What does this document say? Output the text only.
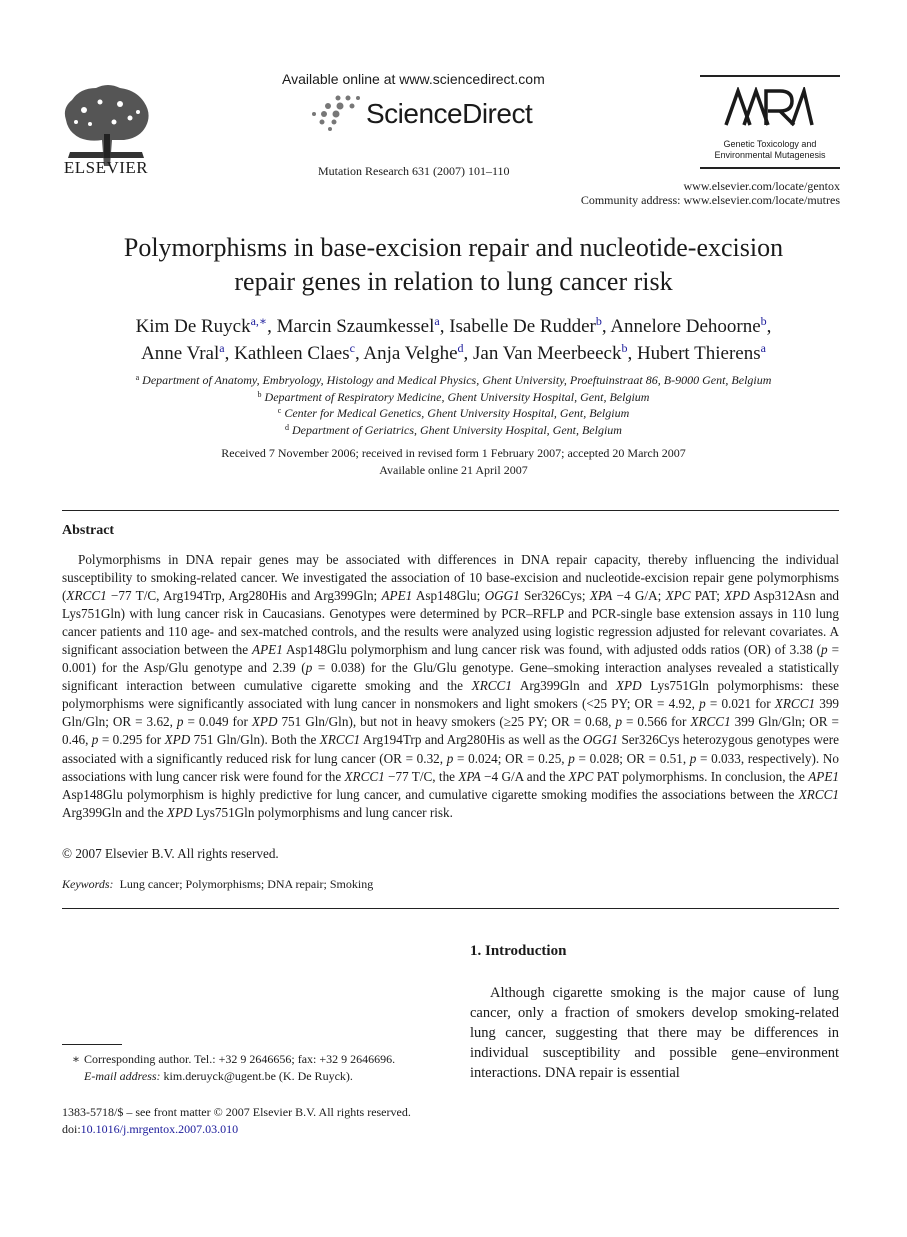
ELSEVIER
Available online at www.sciencedirect.com
ScienceDirect
Mutation Research 631 (2007) 101–110
Genetic Toxicology and
Environmental Mutagenesis
www.elsevier.com/locate/gentox
Community address: www.elsevier.com/locate/mutres
Polymorphisms in base-excision repair and nucleotide-excision
repair genes in relation to lung cancer risk
Kim De Ruyck$^{a,∗}$, Marcin Szaumkessel$^a$, Isabelle De Rudder$^b$, Annelore Dehoorne$^b$,
Anne Vral$^a$, Kathleen Claes$^c$, Anja Velghe$^d$, Jan Van Meerbeeck$^b$, Hubert Thierens$^a$
$^a$ Department of Anatomy, Embryology, Histology and Medical Physics, Ghent University, Proeftuinstraat 86, B-9000 Gent, Belgium
$^b$ Department of Respiratory Medicine, Ghent University Hospital, Gent, Belgium
$^c$ Center for Medical Genetics, Ghent University Hospital, Gent, Belgium
$^d$ Department of Geriatrics, Ghent University Hospital, Gent, Belgium
Received 7 November 2006; received in revised form 1 February 2007; accepted 20 March 2007
Available online 21 April 2007
Abstract

Polymorphisms in DNA repair genes may be associated with differences in DNA repair capacity, thereby influencing the individual susceptibility to smoking-related cancer. We investigated the association of 10 base-excision and nucleotide-excision repair gene polymorphisms (XRCC1 −77 T/C, Arg194Trp, Arg280His and Arg399Gln; APE1 Asp148Glu; OGG1 Ser326Cys; XPA −4 G/A; XPC PAT; XPD Asp312Asn and Lys751Gln) with lung cancer risk in Caucasians. Genotypes were determined by PCR–RFLP and PCR-single base extension assays in 110 lung cancer patients and 110 age- and sex-matched controls, and the results were analyzed using logistic regression adjusted for relevant covariates. A significant association between the APE1 Asp148Glu polymorphism and lung cancer risk was found, with adjusted odds ratios (OR) of 3.38 (p = 0.001) for the Asp/Glu genotype and 2.39 (p = 0.038) for the Glu/Glu genotype. Gene–smoking interaction analyses revealed a statistically significant interaction between cumulative cigarette smoking and the XRCC1 Arg399Gln and XPD Lys751Gln polymorphisms: these polymorphisms were significantly associated with lung cancer in nonsmokers and light smokers (<25 PY; OR = 4.92, p = 0.021 for XRCC1 399 Gln/Gln; OR = 3.62, p = 0.049 for XPD 751 Gln/Gln), but not in heavy smokers (≥25 PY; OR = 0.68, p = 0.566 for XRCC1 399 Gln/Gln; OR = 0.46, p = 0.295 for XPD 751 Gln/Gln). Both the XRCC1 Arg194Trp and Arg280His as well as the OGG1 Ser326Cys heterozygous genotypes were associated with a significantly reduced risk for lung cancer (OR = 0.32, p = 0.024; OR = 0.25, p = 0.028; OR = 0.51, p = 0.033, respectively). No associations with lung cancer risk were found for the XRCC1 −77 T/C, the XPA −4 G/A and the XPC PAT polymorphisms. In conclusion, the APE1 Asp148Glu polymorphism is highly predictive for lung cancer, and cumulative cigarette smoking modifies the associations between the XRCC1 Arg399Gln and the XPD Lys751Gln polymorphisms and lung cancer risk.

© 2007 Elsevier B.V. All rights reserved.
Keywords: Lung cancer; Polymorphisms; DNA repair; Smoking
1. Introduction

Although cigarette smoking is the major cause of lung cancer, only a fraction of smokers develop smoking-related lung cancer, suggesting that there may be differences in individual susceptibility and possible gene–environment interactions. DNA repair is essential

∗ Corresponding author. Tel.: +32 9 2646656; fax: +32 9 2646696.
E-mail address: kim.deruyck@ugent.be (K. De Ruyck).
1383-5718/$ – see front matter © 2007 Elsevier B.V. All rights reserved.
doi:10.1016/j.mrgentox.2007.03.010
